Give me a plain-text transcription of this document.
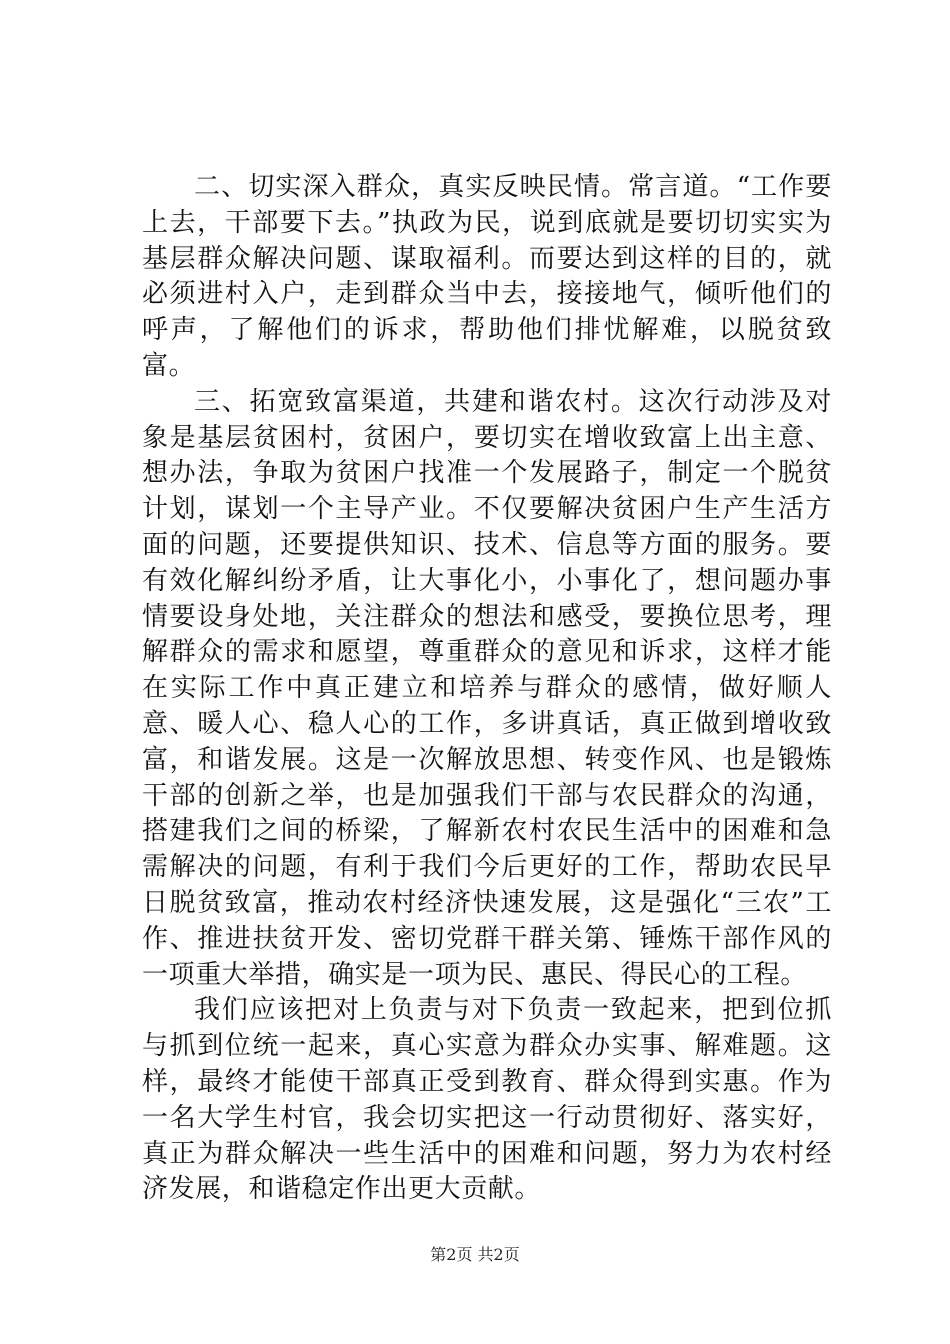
二、切实深入群众，真实反映民情。常言道。“工作要上去，干部要下去。”执政为民，说到底就是要切切实实为基层群众解决问题、谋取福利。而要达到这样的目的，就必须进村入户，走到群众当中去，接接地气，倾听他们的呼声，了解他们的诉求，帮助他们排忧解难，以脱贫致富。

三、拓宽致富渠道，共建和谐农村。这次行动涉及对象是基层贫困村，贫困户，要切实在增收致富上出主意、想办法，争取为贫困户找准一个发展路子，制定一个脱贫计划，谋划一个主导产业。不仅要解决贫困户生产生活方面的问题，还要提供知识、技术、信息等方面的服务。要有效化解纠纷矛盾，让大事化小，小事化了，想问题办事情要设身处地，关注群众的想法和感受，要换位思考，理解群众的需求和愿望，尊重群众的意见和诉求，这样才能在实际工作中真正建立和培养与群众的感情，做好顺人意、暖人心、稳人心的工作，多讲真话，真正做到增收致富，和谐发展。这是一次解放思想、转变作风、也是锻炼干部的创新之举，也是加强我们干部与农民群众的沟通，搭建我们之间的桥梁，了解新农村农民生活中的困难和急需解决的问题，有利于我们今后更好的工作，帮助农民早日脱贫致富，推动农村经济快速发展，这是强化“三农”工作、推进扶贫开发、密切党群干群关第、锤炼干部作风的一项重大举措，确实是一项为民、惠民、得民心的工程。

我们应该把对上负责与对下负责一致起来，把到位抓与抓到位统一起来，真心实意为群众办实事、解难题。这样，最终才能使干部真正受到教育、群众得到实惠。作为一名大学生村官，我会切实把这一行动贯彻好、落实好，真正为群众解决一些生活中的困难和问题，努力为农村经济发展，和谐稳定作出更大贡献。

第2页 共2页
